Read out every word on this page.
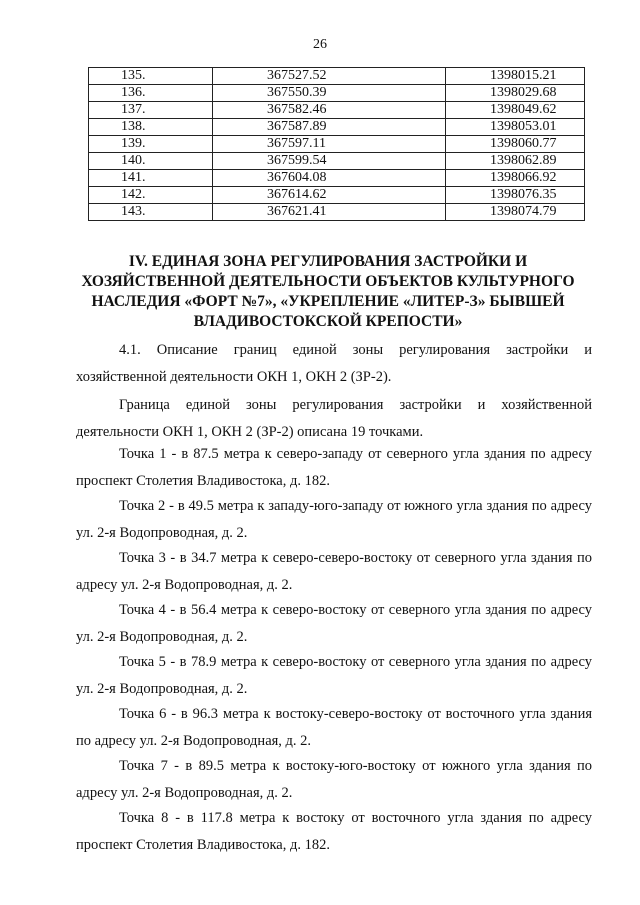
26
135.	367527.52	1398015.21
136.	367550.39	1398029.68
137.	367582.46	1398049.62
138.	367587.89	1398053.01
139.	367597.11	1398060.77
140.	367599.54	1398062.89
141.	367604.08	1398066.92
142.	367614.62	1398076.35
143.	367621.41	1398074.79
IV. ЕДИНАЯ ЗОНА РЕГУЛИРОВАНИЯ ЗАСТРОЙКИ И
ХОЗЯЙСТВЕННОЙ ДЕЯТЕЛЬНОСТИ ОБЪЕКТОВ КУЛЬТУРНОГО
НАСЛЕДИЯ «ФОРТ №7», «УКРЕПЛЕНИЕ «ЛИТЕР-З» БЫВШЕЙ
ВЛАДИВОСТОКСКОЙ КРЕПОСТИ»

4.1. Описание границ единой зоны регулирования застройки и хозяйственной деятельности ОКН 1, ОКН 2 (ЗР-2).

Граница единой зоны регулирования застройки и хозяйственной деятельности ОКН 1, ОКН 2 (ЗР-2) описана 19 точками.

Точка 1 - в 87.5 метра к северо-западу от северного угла здания по адресу проспект Столетия Владивостока, д. 182.

Точка 2 - в 49.5 метра к западу-юго-западу от южного угла здания по адресу ул. 2-я Водопроводная, д. 2.

Точка 3 - в 34.7 метра к северо-северо-востоку от северного угла здания по адресу ул. 2-я Водопроводная, д. 2.

Точка 4 - в 56.4 метра к северо-востоку от северного угла здания по адресу ул. 2-я Водопроводная, д. 2.

Точка 5 - в 78.9 метра к северо-востоку от северного угла здания по адресу ул. 2-я Водопроводная, д. 2.

Точка 6 - в 96.3 метра к востоку-северо-востоку от восточного угла здания по адресу ул. 2-я Водопроводная, д. 2.

Точка 7 - в 89.5 метра к востоку-юго-востоку от южного угла здания по адресу ул. 2-я Водопроводная, д. 2.

Точка 8 - в 117.8 метра к востоку от восточного угла здания по адресу проспект Столетия Владивостока, д. 182.
